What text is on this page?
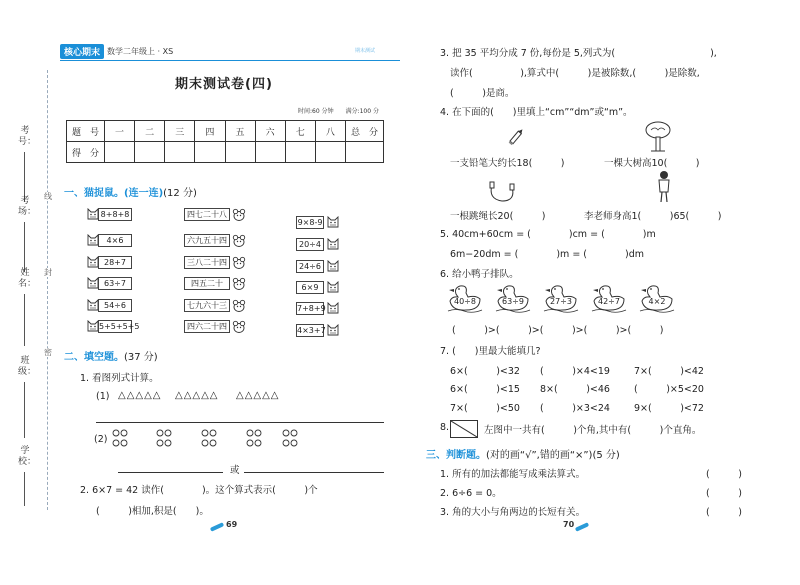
考号：
考场：
姓名：
班级：
学校：
线
封
密
核心期末 数学二年级上 · XS	期末测试
期末测试卷(四)
时间:60 分钟　　满分:100 分
题　号	一	二	三	四	五	六	七	八	总　分
得　分									
一、猫捉鼠。(连一连)(12 分)
8+8+8
4×6
28+7
63÷7
54÷6
5+5+5+5
四七二十八
六九五十四
三八二十四
四五二十
七九六十三
四六二十四
9×8-9
20÷4
24÷6
6×9
7+8+9
4×3+7
二、填空题。(37 分)
1. 看图列式计算。
(1) △△△△△ △△△△△ △△△△△
(2)
或
2. 6×7 = 42 读作(　　　　)。这个算式表示(　　　)个
(　　　)相加,积是(　　)。
69
3. 把 35 平均分成 7 份,每份是 5,列式为(　　　　　　　　　　),
读作(　　　　　),算式中(　　　)是被除数,(　　　)是除数,
(　　　)是商。
4. 在下面的(　　)里填上“cm”“dm”或“m”。
一支铅笔大约长18(　　　)	一棵大树高10(　　　)
一根跳绳长20(　　　)	李老师身高1(　　　)65(　　　)
5. 40cm+60cm = (　　　　)cm = (　　　　)m
6m−20dm = (　　　　)m = (　　　　)dm
6. 给小鸭子排队。
40÷8	63÷9	27÷3	42÷7	4×2
(　　　)>(　　　)>(　　　)>(　　　)>(　　　)
7. (　　)里最大能填几?
6×(　　　)<32 (　　　)×4<19	7×(　　　)<42
6×(　　　)<15 8×(　　　)<46	(　　　)×5<20
7×(　　　)<50 (　　　)×3<24	9×(　　　)<72
8.	左图中一共有(　　　)个角,其中有(　　　)个直角。
三、判断题。(对的画“√”,错的画“×”)(5 分)
1. 所有的加法都能写成乘法算式。	(　　　)
2. 6÷6 = 0。	(　　　)
3. 角的大小与角两边的长短有关。	(　　　)
70
